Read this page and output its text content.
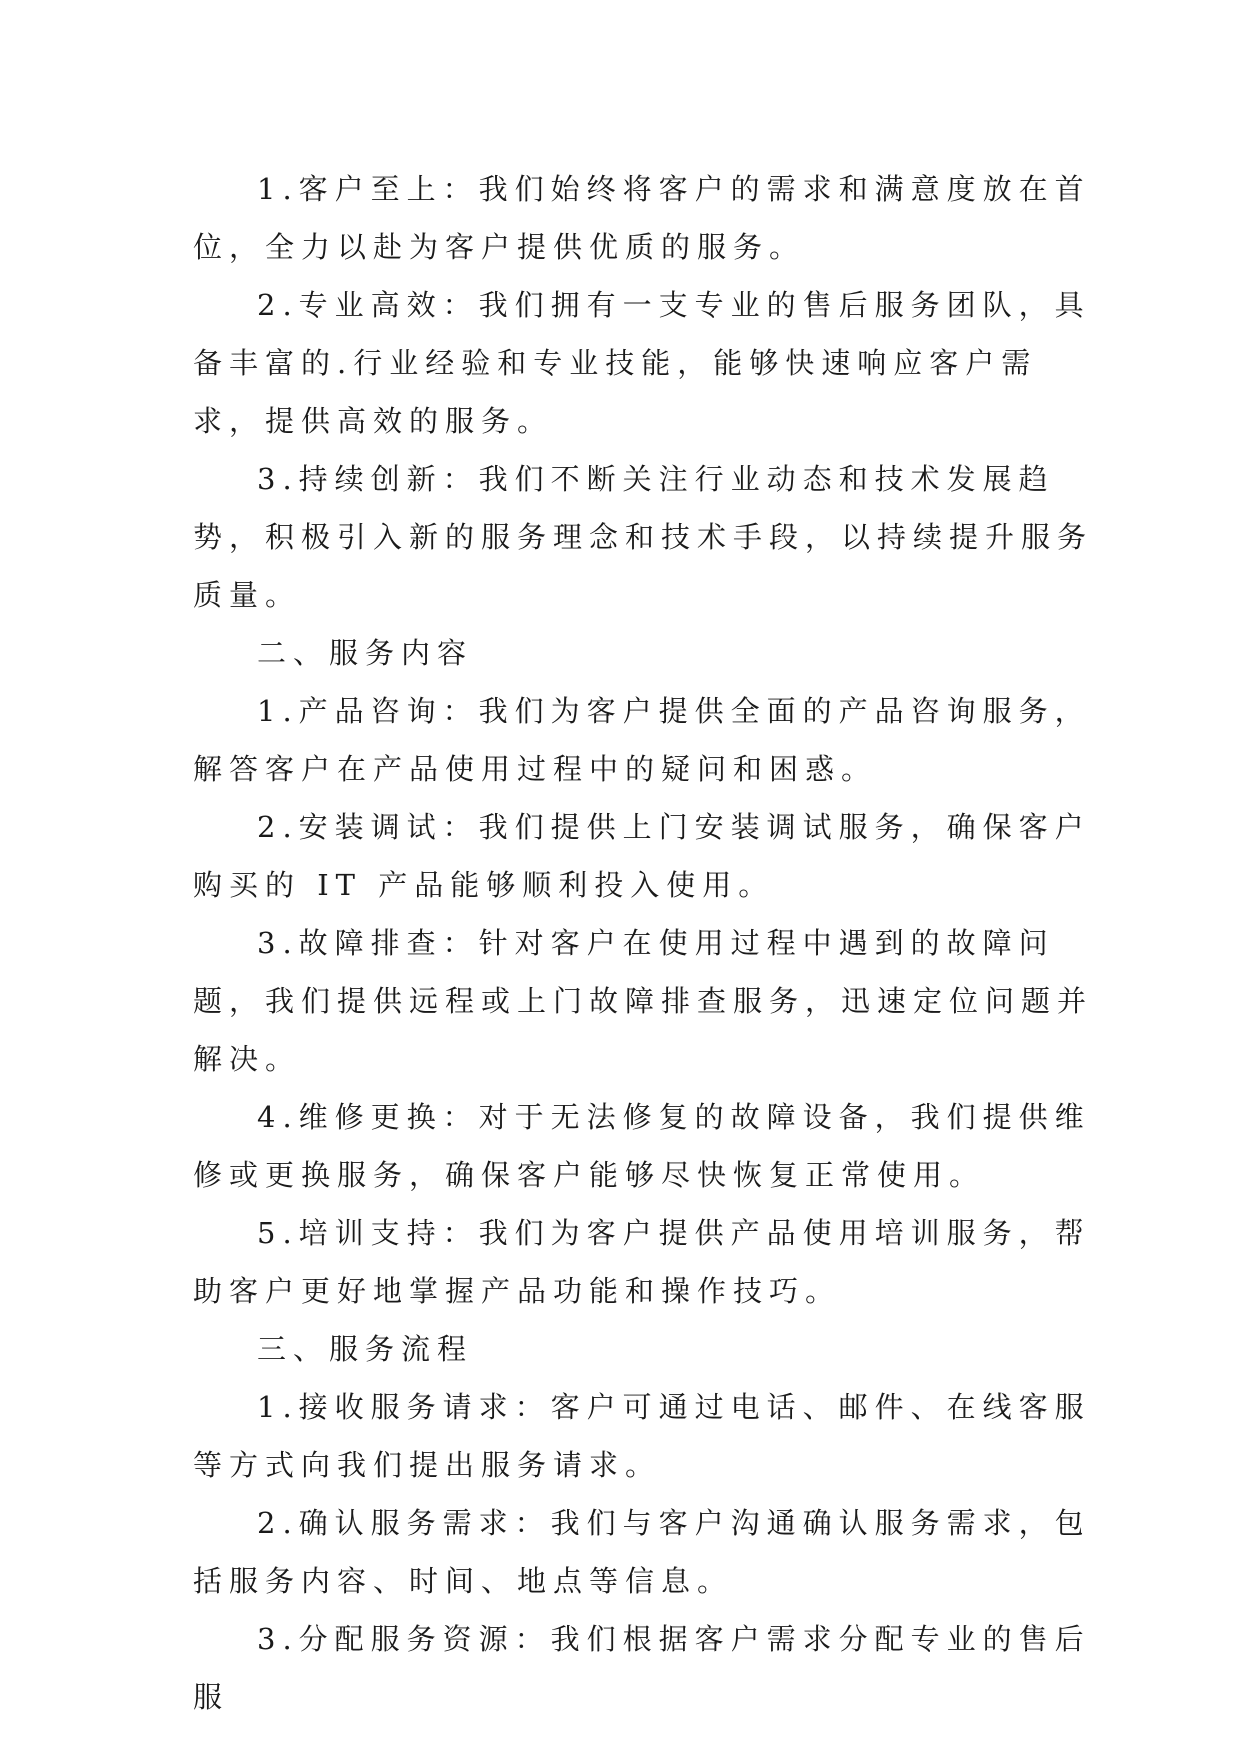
1.客户至上：我们始终将客户的需求和满意度放在首位，全力以赴为客户提供优质的服务。

2.专业高效：我们拥有一支专业的售后服务团队，具备丰富的.行业经验和专业技能，能够快速响应客户需求，提供高效的服务。

3.持续创新：我们不断关注行业动态和技术发展趋势，积极引入新的服务理念和技术手段，以持续提升服务质量。

二、服务内容

1.产品咨询：我们为客户提供全面的产品咨询服务，解答客户在产品使用过程中的疑问和困惑。

2.安装调试：我们提供上门安装调试服务，确保客户购买的 IT 产品能够顺利投入使用。

3.故障排查：针对客户在使用过程中遇到的故障问题，我们提供远程或上门故障排查服务，迅速定位问题并解决。

4.维修更换：对于无法修复的故障设备，我们提供维修或更换服务，确保客户能够尽快恢复正常使用。

5.培训支持：我们为客户提供产品使用培训服务，帮助客户更好地掌握产品功能和操作技巧。

三、服务流程

1.接收服务请求：客户可通过电话、邮件、在线客服等方式向我们提出服务请求。

2.确认服务需求：我们与客户沟通确认服务需求，包括服务内容、时间、地点等信息。

3.分配服务资源：我们根据客户需求分配专业的售后服
